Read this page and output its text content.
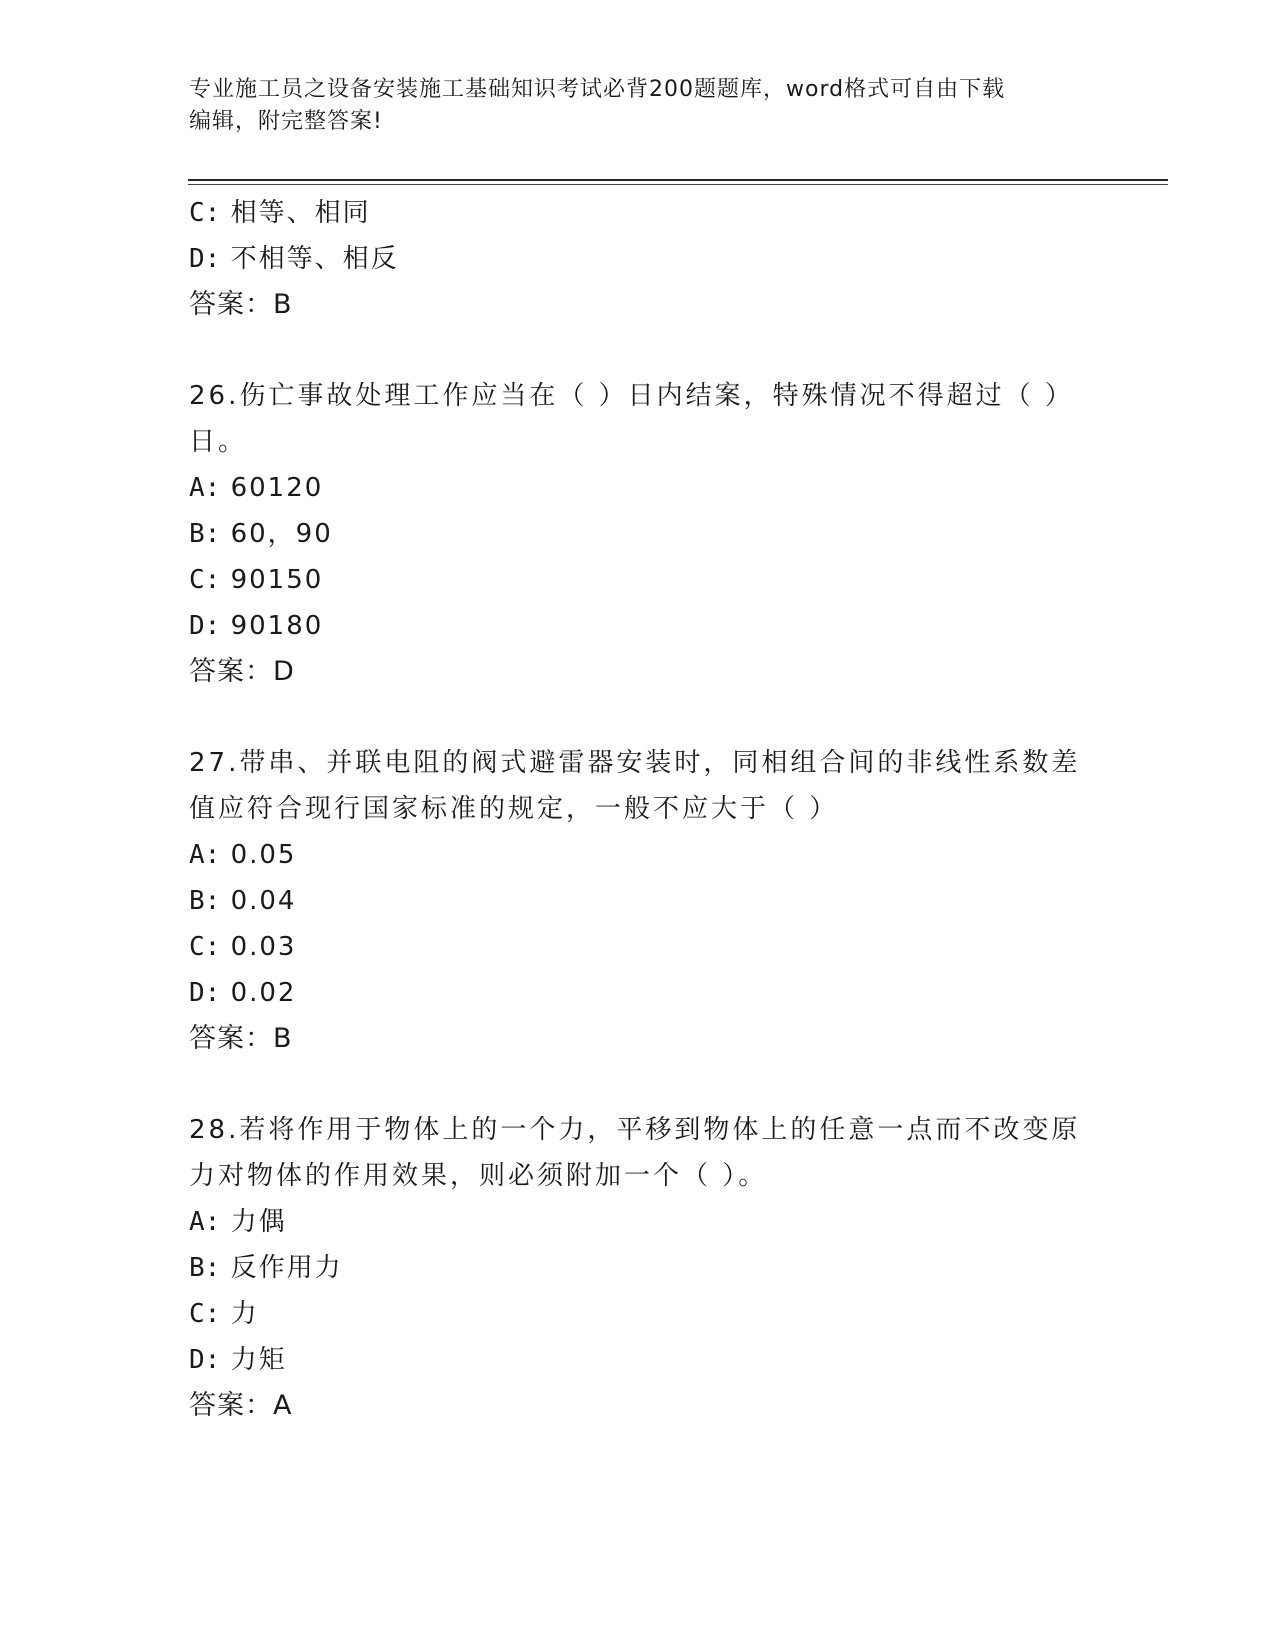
专业施工员之设备安装施工基础知识考试必背200题题库，word格式可自由下载
编辑，附完整答案!
C: 相等、相同
D: 不相等、相反
答案：B
26.伤亡事故处理工作应当在（ ）日内结案，特殊情况不得超过（ ）
日。
A: 60120
B: 60，90
C: 90150
D: 90180
答案：D
27.带串、并联电阻的阀式避雷器安装时，同相组合间的非线性系数差
值应符合现行国家标准的规定，一般不应大于（ ）
A: 0.05
B: 0.04
C: 0.03
D: 0.02
答案：B
28.若将作用于物体上的一个力，平移到物体上的任意一点而不改变原
力对物体的作用效果，则必须附加一个（ ）。
A: 力偶
B: 反作用力
C: 力
D: 力矩
答案：A
